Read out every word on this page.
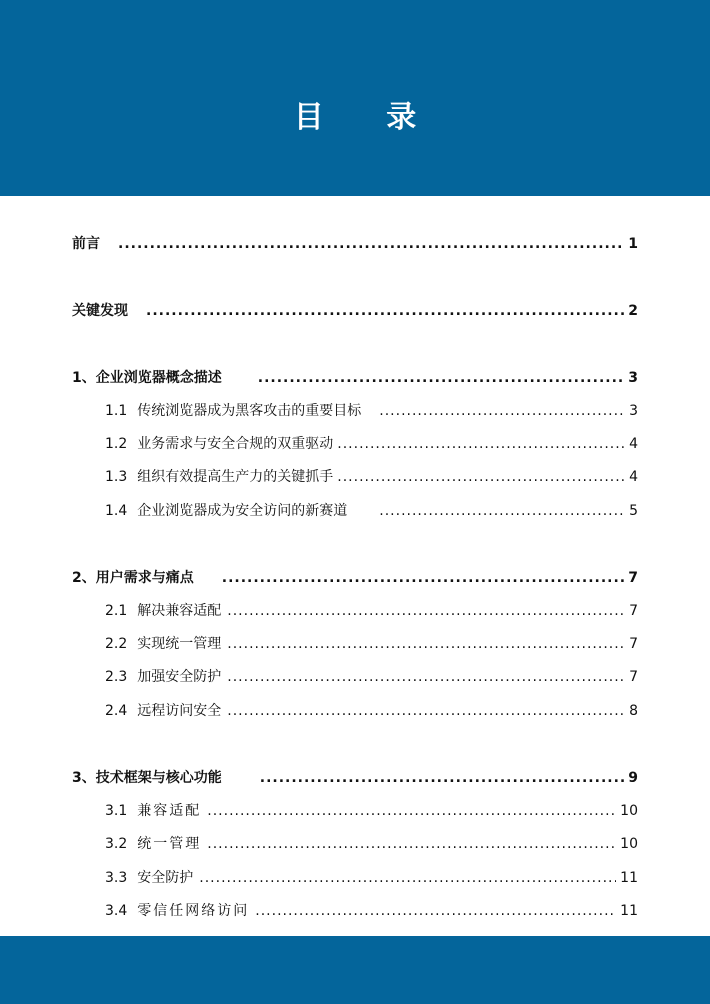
目 录
前言 .....	1
关键发现 .....	2
1、 企业浏览器概念描述 .....	3
1.1 传统浏览器成为黑客攻击的重要目标 .....	3
1.2 业务需求与安全合规的双重驱动 .....	4
1.3 组织有效提高生产力的关键抓手 .....	4
1.4 企业浏览器成为安全访问的新赛道 .....	5
2、 用户需求与痛点 .....	7
2.1 解决兼容适配 .....	7
2.2 实现统一管理 .....	7
2.3 加强安全防护 .....	7
2.4 远程访问安全 .....	8
3、 技术框架与核心功能 .....	9
3.1 兼容适配 .....	10
3.2 统一管理 .....	10
3.3 安全防护 .....	11
3.4 零信任网络访问 .....	11
